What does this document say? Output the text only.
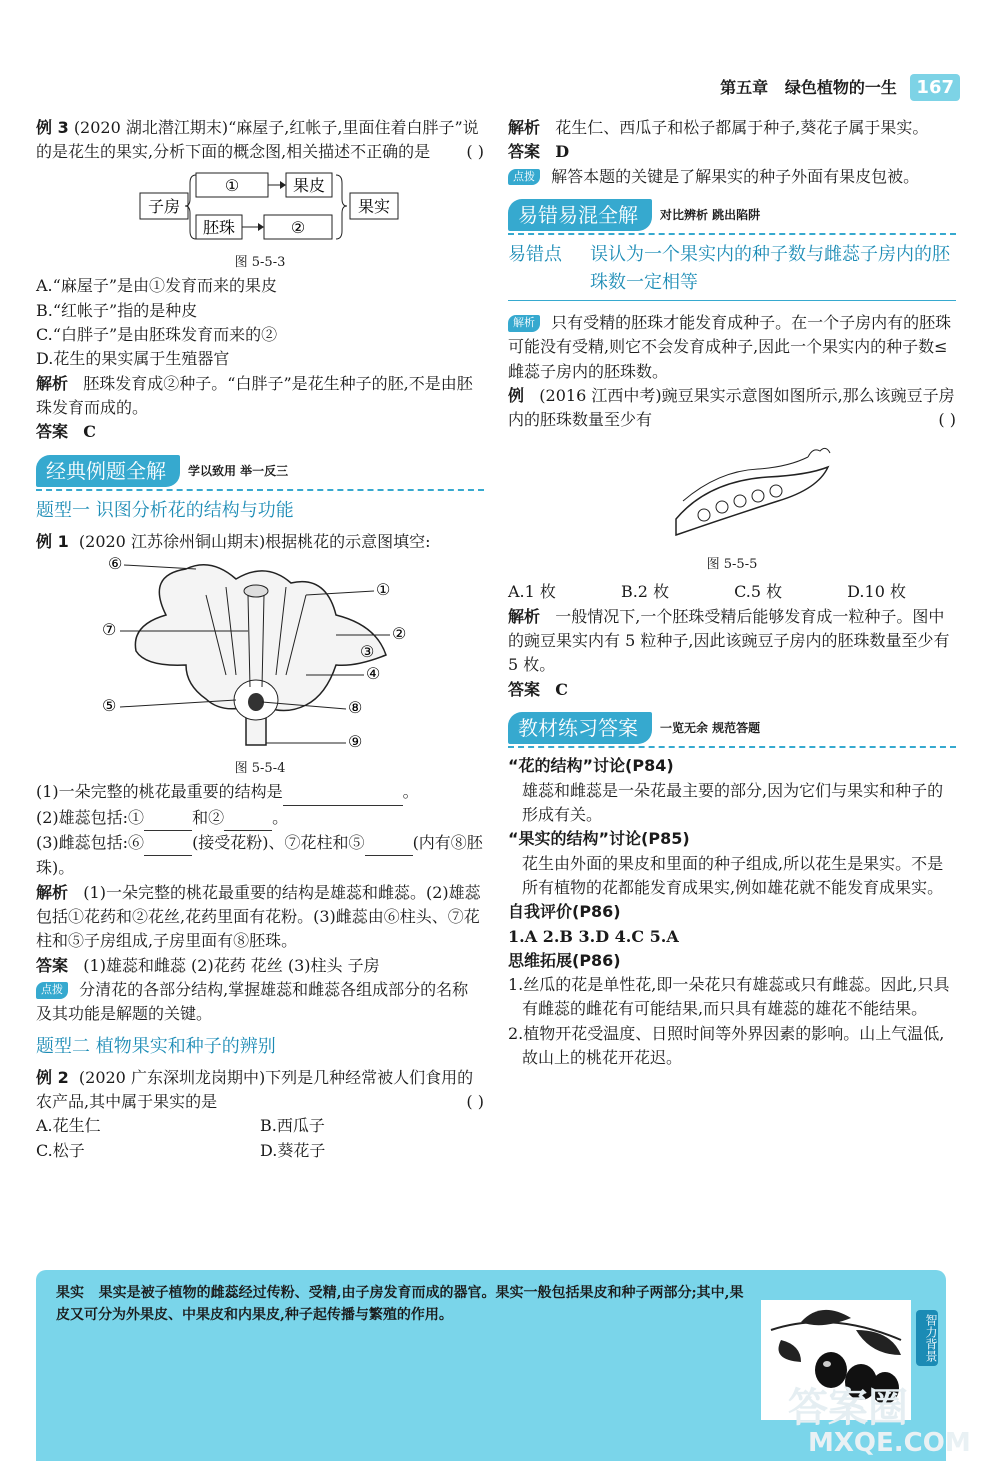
第五章 绿色植物的一生 167

例 3 (2020 湖北潜江期末)“麻屋子,红帐子,里面住着白胖子”说的是花生的果实,分析下面的概念图,相关描述不正确的是 ( )

子房
①	果皮
胚珠	②
果实

图 5-5-3

A.“麻屋子”是由①发育而来的果皮

B.“红帐子”指的是种皮

C.“白胖子”是由胚珠发育而来的②

D.花生的果实属于生殖器官

解析 胚珠发育成②种子。“白胖子”是花生种子的胚,不是由胚珠发育而成的。

答案 C

经典例题全解	学以致用 举一反三

题型一 识图分析花的结构与功能

例 1 (2020 江苏徐州铜山期末)根据桃花的示意图填空:

⑥
①
⑦	②
③
④
⑤	⑧
⑨

图 5-5-4

(1)一朵完整的桃花最重要的结构是	。

(2)雄蕊包括:①	和②	。

(3)雌蕊包括:⑥	(接受花粉)、⑦花柱和⑤	(内有⑧胚珠)。

解析 (1)一朵完整的桃花最重要的结构是雄蕊和雌蕊。(2)雄蕊包括①花药和②花丝,花药里面有花粉。(3)雌蕊由⑥柱头、⑦花柱和⑤子房组成,子房里面有⑧胚珠。

答案 (1)雄蕊和雌蕊 (2)花药 花丝 (3)柱头 子房

点拨 分清花的各部分结构,掌握雄蕊和雌蕊各组成部分的名称及其功能是解题的关键。

题型二 植物果实和种子的辨别

例 2 (2020 广东深圳龙岗期中)下列是几种经常被人们食用的农产品,其中属于果实的是	( )

A.花生仁	B.西瓜子
C.松子	D.葵花子

解析 花生仁、西瓜子和松子都属于种子,葵花子属于果实。

答案 D

点拨 解答本题的关键是了解果实的种子外面有果皮包被。

易错易混全解	对比辨析 跳出陷阱
易错点	误认为一个果实内的种子数与雌蕊子房内的胚珠数一定相等

解析 只有受精的胚珠才能发育成种子。在一个子房内有的胚珠可能没有受精,则它不会发育成种子,因此一个果实内的种子数≤雌蕊子房内的胚珠数。

例 (2016 江西中考)豌豆果实示意图如图所示,那么该豌豆子房内的胚珠数量至少有	( )

图 5-5-5

A.1 枚	B.2 枚	C.5 枚	D.10 枚

解析 一般情况下,一个胚珠受精后能够发育成一粒种子。图中的豌豆果实内有 5 粒种子,因此该豌豆子房内的胚珠数量至少有 5 枚。

答案 C

教材练习答案	一览无余 规范答题

“花的结构”讨论(P84)

雄蕊和雌蕊是一朵花最主要的部分,因为它们与果实和种子的形成有关。

“果实的结构”讨论(P85)

花生由外面的果皮和里面的种子组成,所以花生是果实。不是所有植物的花都能发育成果实,例如雄花就不能发育成果实。

自我评价(P86)

1.A 2.B 3.D 4.C 5.A

思维拓展(P86)

1.丝瓜的花是单性花,即一朵花只有雄蕊或只有雌蕊。因此,只具有雌蕊的雌花有可能结果,而只具有雄蕊的雄花不能结果。

2.植物开花受温度、日照时间等外界因素的影响。山上气温低,故山上的桃花开花迟。

果实 果实是被子植物的雌蕊经过传粉、受精,由子房发育而成的器官。果实一般包括果皮和种子两部分;其中,果皮又可分为外果皮、中果皮和内果皮,种子起传播与繁殖的作用。	智力背景
答案圈
MXQE.COM
